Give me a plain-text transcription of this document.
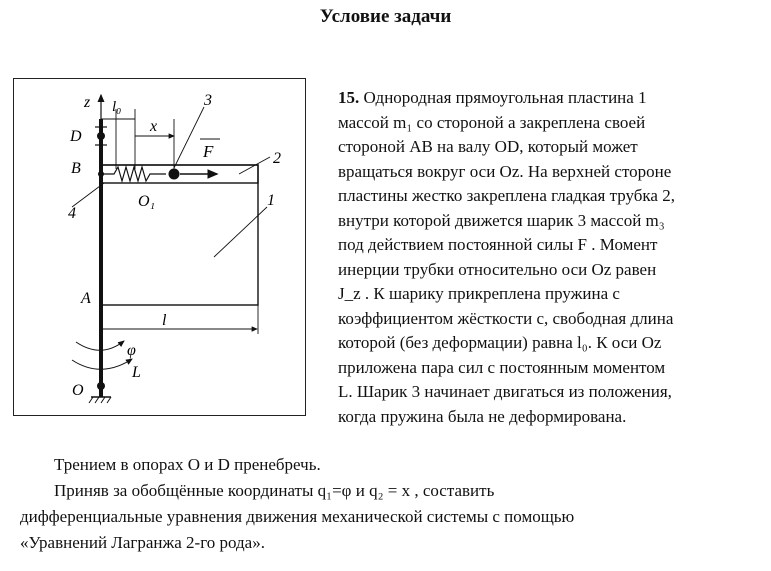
Условие задачи
z l₀
x
3
F
D
B
2
O₁
4
1
A
l
φ
L
O
15. Однородная прямоугольная пластина 1
массой m₁ со стороной a закреплена своей
стороной AB на валу OD, который может
вращаться вокруг оси Oz. На верхней стороне
пластины жестко закреплена гладкая трубка 2,
внутри которой движется шарик 3 массой m₃
под действием постоянной силы F . Момент
инерции трубки относительно оси Oz равен
J_z . К шарику прикреплена пружина с
коэффициентом жёсткости c, свободная длина
которой (без деформации) равна l₀. К оси Oz
приложена пара сил с постоянным моментом
L. Шарик 3 начинает двигаться из положения,
когда пружина была не деформирована.
Трением в опорах O и D пренебречь.
Приняв за обобщённые координаты q₁=φ и q₂ = x , составить
дифференциальные уравнения движения механической системы с помощью
«Уравнений Лагранжа 2-го рода».
